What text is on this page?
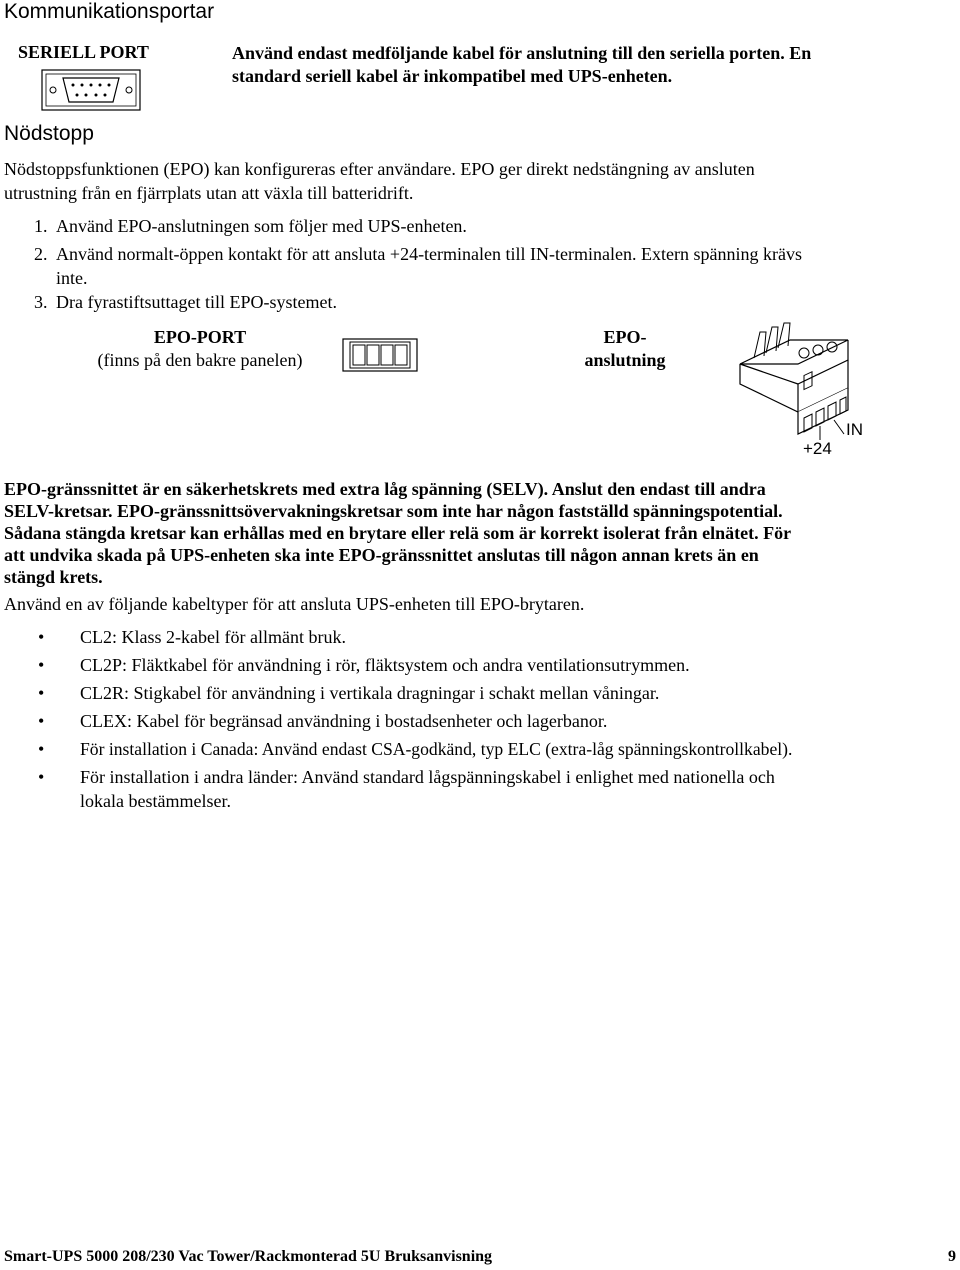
Kommunikationsportar
SERIELL PORT	Använd endast medföljande kabel för anslutning till den seriella porten. En
standard seriell kabel är inkompatibel med UPS-enheten.
Nödstopp
Nödstoppsfunktionen (EPO) kan konfigureras efter användare. EPO ger direkt nedstängning av ansluten
utrustning från en fjärrplats utan att växla till batteridrift.
1. Använd EPO-anslutningen som följer med UPS-enheten.
2. Använd normalt-öppen kontakt för att ansluta +24-terminalen till IN-terminalen. Extern spänning krävs
inte.
3. Dra fyrastiftsuttaget till EPO-systemet.
EPO-PORT
(finns på den bakre panelen)
EPO-
anslutning
IN
+24
EPO-gränssnittet är en säkerhetskrets med extra låg spänning (SELV). Anslut den endast till andra
SELV-kretsar. EPO-gränssnittsövervakningskretsar som inte har någon fastställd spänningspotential.
Sådana stängda kretsar kan erhållas med en brytare eller relä som är korrekt isolerat från elnätet. För
att undvika skada på UPS-enheten ska inte EPO-gränssnittet anslutas till någon annan krets än en
stängd krets.
Använd en av följande kabeltyper för att ansluta UPS-enheten till EPO-brytaren.
• CL2: Klass 2-kabel för allmänt bruk.
• CL2P: Fläktkabel för användning i rör, fläktsystem och andra ventilationsutrymmen.
• CL2R: Stigkabel för användning i vertikala dragningar i schakt mellan våningar.
• CLEX: Kabel för begränsad användning i bostadsenheter och lagerbanor.
• För installation i Canada: Använd endast CSA-godkänd, typ ELC (extra-låg spänningskontrollkabel).
• För installation i andra länder: Använd standard lågspänningskabel i enlighet med nationella och
lokala bestämmelser.
Smart-UPS 5000 208/230 Vac Tower/Rackmonterad 5U Bruksanvisning	9
